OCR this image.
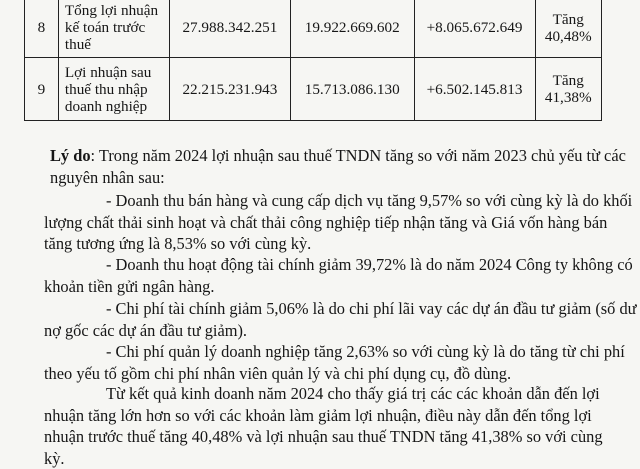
8	Tổng lợi nhuận
kế toán trước
thuế	27.988.342.251	19.922.669.602	+8.065.672.649	Tăng
40,48%

9	Lợi nhuận sau
thuế thu nhập
doanh nghiệp	22.215.231.943	15.713.086.130	+6.502.145.813	Tăng
41,38%

Lý do: Trong năm 2024 lợi nhuận sau thuế TNDN tăng so với năm 2023 chủ yếu từ các
nguyên nhân sau:

- Doanh thu bán hàng và cung cấp dịch vụ tăng 9,57% so với cùng kỳ là do khối
lượng chất thải sinh hoạt và chất thải công nghiệp tiếp nhận tăng và Giá vốn hàng bán
tăng tương ứng là 8,53% so với cùng kỳ.

- Doanh thu hoạt động tài chính giảm 39,72% là do năm 2024 Công ty không có
khoản tiền gửi ngân hàng.

- Chi phí tài chính giảm 5,06% là do chi phí lãi vay các dự án đầu tư giảm (số dư
nợ gốc các dự án đầu tư giảm).

- Chi phí quản lý doanh nghiệp tăng 2,63% so với cùng kỳ là do tăng từ chi phí
theo yếu tố gồm chi phí nhân viên quản lý và chi phí dụng cụ, đồ dùng.

Từ kết quả kinh doanh năm 2024 cho thấy giá trị các các khoản dẫn đến lợi
nhuận tăng lớn hơn so với các khoản làm giảm lợi nhuận, điều này dẫn đến tổng lợi
nhuận trước thuế tăng 40,48% và lợi nhuận sau thuế TNDN tăng 41,38% so với cùng
kỳ.
